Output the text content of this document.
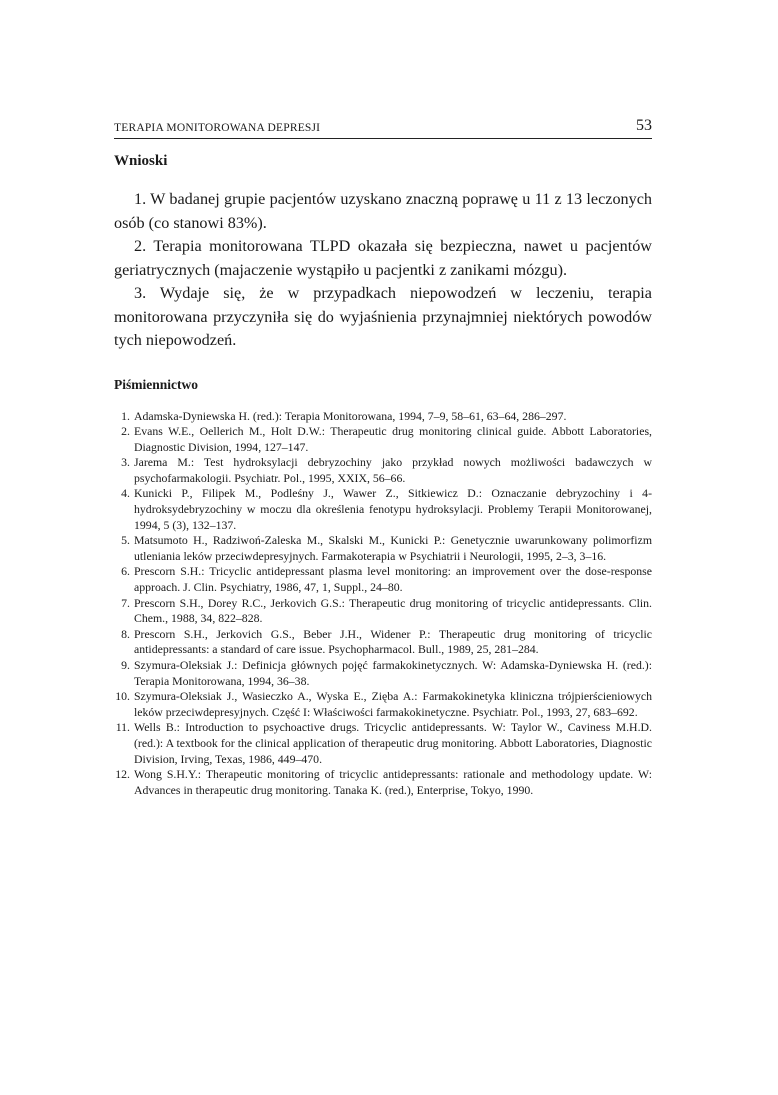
TERAPIA MONITOROWANA DEPRESJI	53
Wnioski

1. W badanej grupie pacjentów uzyskano znaczną poprawę u 11 z 13 leczonych osób (co stanowi 83%).

2. Terapia monitorowana TLPD okazała się bezpieczna, nawet u pacjentów geriatrycznych (majaczenie wystąpiło u pacjentki z zanikami mózgu).

3. Wydaje się, że w przypadkach niepowodzeń w leczeniu, terapia monitorowana przyczyniła się do wyjaśnienia przynajmniej niektórych powodów tych niepowodzeń.

Piśmiennictwo
1. Adamska-Dyniewska H. (red.): Terapia Monitorowana, 1994, 7–9, 58–61, 63–64, 286–297.
2. Evans W.E., Oellerich M., Holt D.W.: Therapeutic drug monitoring clinical guide. Abbott Laboratories, Diagnostic Division, 1994, 127–147.
3. Jarema M.: Test hydroksylacji debryzochiny jako przykład nowych możliwości badawczych w psychofarmakologii. Psychiatr. Pol., 1995, XXIX, 56–66.
4. Kunicki P., Filipek M., Podleśny J., Wawer Z., Sitkiewicz D.: Oznaczanie debryzochiny i 4-hydroksydebryzochiny w moczu dla określenia fenotypu hydroksylacji. Problemy Terapii Monitorowanej, 1994, 5 (3), 132–137.
5. Matsumoto H., Radziwoń-Zaleska M., Skalski M., Kunicki P.: Genetycznie uwarunkowany polimorfizm utleniania leków przeciwdepresyjnych. Farmakoterapia w Psychiatrii i Neurologii, 1995, 2–3, 3–16.
6. Prescorn S.H.: Tricyclic antidepressant plasma level monitoring: an improvement over the dose-response approach. J. Clin. Psychiatry, 1986, 47, 1, Suppl., 24–80.
7. Prescorn S.H., Dorey R.C., Jerkovich G.S.: Therapeutic drug monitoring of tricyclic antidepressants. Clin. Chem., 1988, 34, 822–828.
8. Prescorn S.H., Jerkovich G.S., Beber J.H., Widener P.: Therapeutic drug monitoring of tricyclic antidepressants: a standard of care issue. Psychopharmacol. Bull., 1989, 25, 281–284.
9. Szymura-Oleksiak J.: Definicja głównych pojęć farmakokinetycznych. W: Adamska-Dyniewska H. (red.): Terapia Monitorowana, 1994, 36–38.
10. Szymura-Oleksiak J., Wasieczko A., Wyska E., Zięba A.: Farmakokinetyka kliniczna trójpierścieniowych leków przeciwdepresyjnych. Część I: Właściwości farmakokinetyczne. Psychiatr. Pol., 1993, 27, 683–692.
11. Wells B.: Introduction to psychoactive drugs. Tricyclic antidepressants. W: Taylor W., Caviness M.H.D. (red.): A textbook for the clinical application of therapeutic drug monitoring. Abbott Laboratories, Diagnostic Division, Irving, Texas, 1986, 449–470.
12. Wong S.H.Y.: Therapeutic monitoring of tricyclic antidepressants: rationale and methodology update. W: Advances in therapeutic drug monitoring. Tanaka K. (red.), Enterprise, Tokyo, 1990.
